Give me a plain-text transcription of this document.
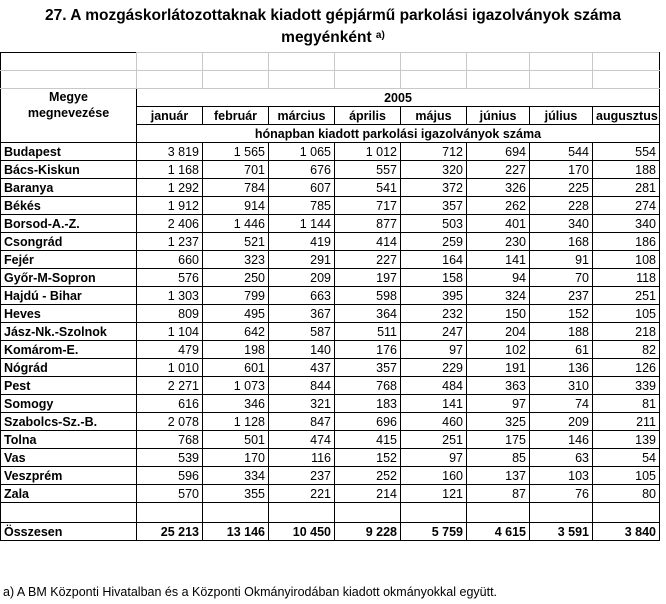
27. A mozgáskorlátozottaknak kiadott gépjármű parkolási igazolványok száma
megyénként $^{a)}$

Megye
megnevezése	2005							
	január	február	március	április	május	június	július	augusztus
	hónapban kiadott parkolási igazolványok száma							
Budapest	3 819	1 565	1 065	1 012	712	694	544	554
Bács-Kiskun	1 168	701	676	557	320	227	170	188
Baranya	1 292	784	607	541	372	326	225	281
Békés	1 912	914	785	717	357	262	228	274
Borsod-A.-Z.	2 406	1 446	1 144	877	503	401	340	340
Csongrád	1 237	521	419	414	259	230	168	186
Fejér	660	323	291	227	164	141	91	108
Győr-M-Sopron	576	250	209	197	158	94	70	118
Hajdú - Bihar	1 303	799	663	598	395	324	237	251
Heves	809	495	367	364	232	150	152	105
Jász-Nk.-Szolnok	1 104	642	587	511	247	204	188	218
Komárom-E.	479	198	140	176	97	102	61	82
Nógrád	1 010	601	437	357	229	191	136	126
Pest	2 271	1 073	844	768	484	363	310	339
Somogy	616	346	321	183	141	97	74	81
Szabolcs-Sz.-B.	2 078	1 128	847	696	460	325	209	211
Tolna	768	501	474	415	251	175	146	139
Vas	539	170	116	152	97	85	63	54
Veszprém	596	334	237	252	160	137	103	105
Zala	570	355	221	214	121	87	76	80

Összesen	25 213	13 146	10 450	9 228	5 759	4 615	3 591	3 840
a) A BM Központi Hivatalban és a Központi Okmányirodában kiadott okmányokkal együtt.
